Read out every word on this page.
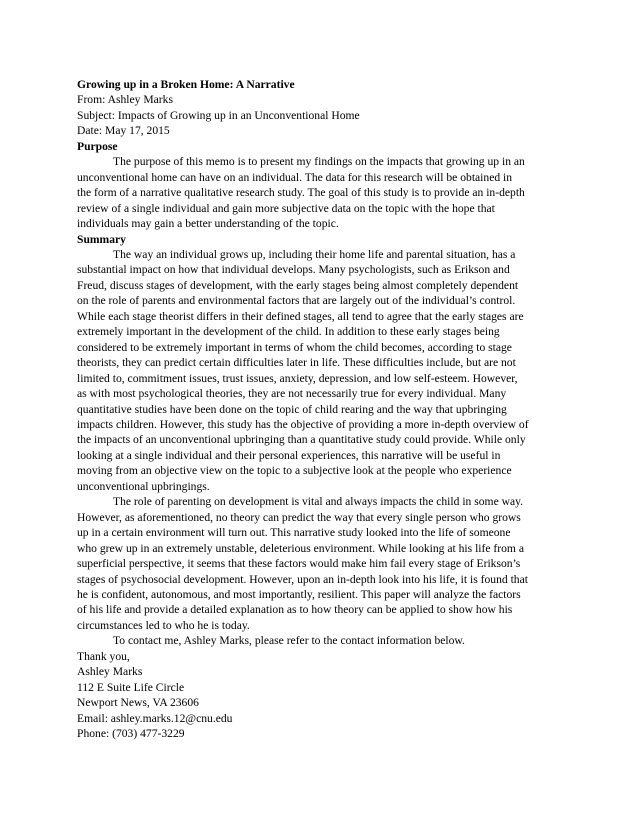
Growing up in a Broken Home: A Narrative
From: Ashley Marks
Subject: Impacts of Growing up in an Unconventional Home
Date: May 17, 2015
Purpose
The purpose of this memo is to present my findings on the impacts that growing up in an
unconventional home can have on an individual. The data for this research will be obtained in
the form of a narrative qualitative research study. The goal of this study is to provide an in-depth
review of a single individual and gain more subjective data on the topic with the hope that
individuals may gain a better understanding of the topic.
Summary
The way an individual grows up, including their home life and parental situation, has a
substantial impact on how that individual develops. Many psychologists, such as Erikson and
Freud, discuss stages of development, with the early stages being almost completely dependent
on the role of parents and environmental factors that are largely out of the individual’s control.
While each stage theorist differs in their defined stages, all tend to agree that the early stages are
extremely important in the development of the child. In addition to these early stages being
considered to be extremely important in terms of whom the child becomes, according to stage
theorists, they can predict certain difficulties later in life. These difficulties include, but are not
limited to, commitment issues, trust issues, anxiety, depression, and low self-esteem. However,
as with most psychological theories, they are not necessarily true for every individual. Many
quantitative studies have been done on the topic of child rearing and the way that upbringing
impacts children. However, this study has the objective of providing a more in-depth overview of
the impacts of an unconventional upbringing than a quantitative study could provide. While only
looking at a single individual and their personal experiences, this narrative will be useful in
moving from an objective view on the topic to a subjective look at the people who experience
unconventional upbringings.
The role of parenting on development is vital and always impacts the child in some way.
However, as aforementioned, no theory can predict the way that every single person who grows
up in a certain environment will turn out. This narrative study looked into the life of someone
who grew up in an extremely unstable, deleterious environment. While looking at his life from a
superficial perspective, it seems that these factors would make him fail every stage of Erikson’s
stages of psychosocial development. However, upon an in-depth look into his life, it is found that
he is confident, autonomous, and most importantly, resilient. This paper will analyze the factors
of his life and provide a detailed explanation as to how theory can be applied to show how his
circumstances led to who he is today.
To contact me, Ashley Marks, please refer to the contact information below.
Thank you,
Ashley Marks
112 E Suite Life Circle
Newport News, VA 23606
Email: ashley.marks.12@cnu.edu
Phone: (703) 477-3229
